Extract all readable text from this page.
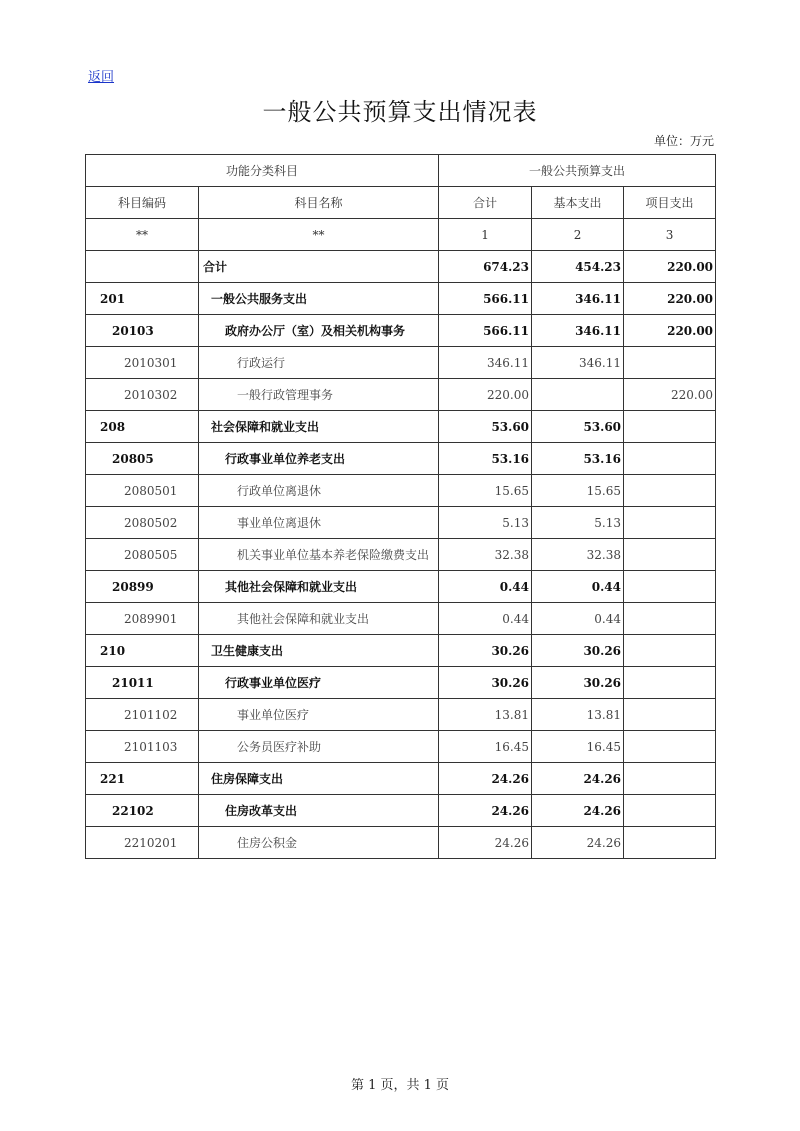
返回
一般公共预算支出情况表
单位：万元
功能分类科目		一般公共预算支出		
科目编码	科目名称	合计	基本支出	项目支出
**	**	1	2	3
	合计	674.23	454.23	220.00
201	一般公共服务支出	566.11	346.11	220.00
20103	政府办公厅（室）及相关机构事务	566.11	346.11	220.00
2010301	行政运行	346.11	346.11	
2010302	一般行政管理事务	220.00		220.00
208	社会保障和就业支出	53.60	53.60	
20805	行政事业单位养老支出	53.16	53.16	
2080501	行政单位离退休	15.65	15.65	
2080502	事业单位离退休	5.13	5.13	
2080505	机关事业单位基本养老保险缴费支出	32.38	32.38	
20899	其他社会保障和就业支出	0.44	0.44	
2089901	其他社会保障和就业支出	0.44	0.44	
210	卫生健康支出	30.26	30.26	
21011	行政事业单位医疗	30.26	30.26	
2101102	事业单位医疗	13.81	13.81	
2101103	公务员医疗补助	16.45	16.45	
221	住房保障支出	24.26	24.26	
22102	住房改革支出	24.26	24.26	
2210201	住房公积金	24.26	24.26	
第 1 页，共 1 页
